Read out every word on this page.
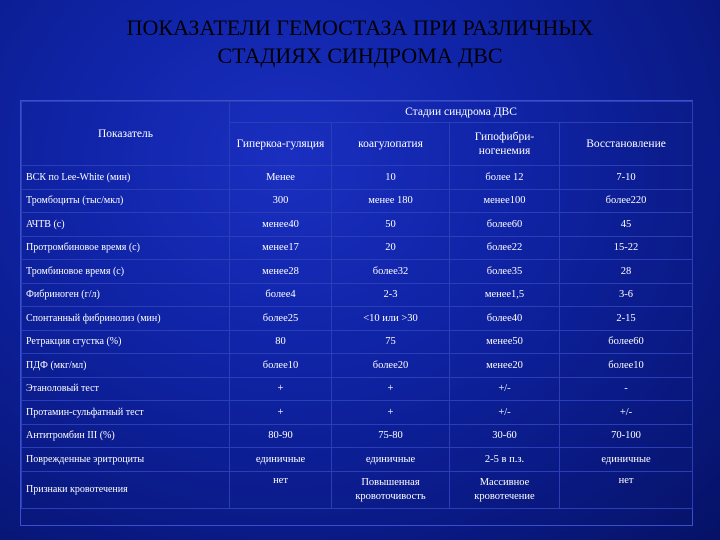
ПОКАЗАТЕЛИ ГЕМОСТАЗА ПРИ РАЗЛИЧНЫХ
СТАДИЯХ СИНДРОМА ДВС
Показатель	Стадии синдрома ДВС			
	Гиперкоа-гуляция	коагулопатия	Гипофибри-ногенемия	Восстановление
ВСК по Lee-White (мин)	Менее	10	более 12	7-10
Тромбоциты (тыс/мкл)	300	менее 180	менее100	более220
АЧТВ (с)	менее40	50	более60	45
Протромбиновое время (с)	менее17	20	более22	15-22
Тромбиновое время (с)	менее28	более32	более35	28
Фибриноген (г/л)	более4	2-3	менее1,5	3-6
Спонтанный фибринолиз (мин)	более25	<10 или >30	более40	2-15
Ретракция сгустка (%)	80	75	менее50	более60
ПДФ (мкг/мл)	более10	более20	менее20	более10
Этаноловый тест	+	+	+/-	-
Протамин-сульфатный тест	+	+	+/-	+/-
Антитромбин III (%)	80-90	75-80	30-60	70-100
Поврежденные эритроциты	единичные	единичные	2-5 в п.з.	единичные
Признаки кровотечения	нет	Повышенная кровоточивость	Массивное кровотечение	нет
